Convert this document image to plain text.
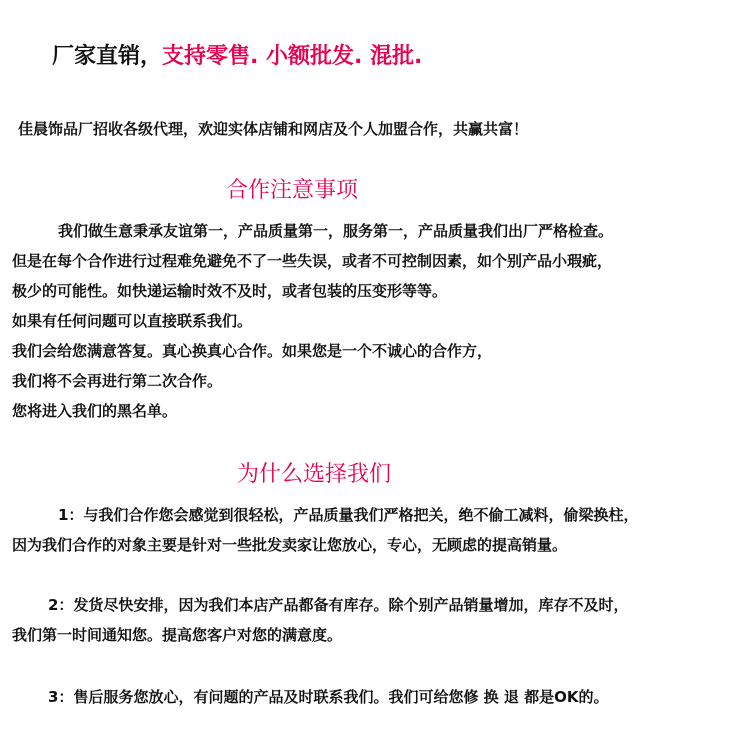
厂家直销，支持零售. 小额批发. 混批.
佳晨饰品厂招收各级代理，欢迎实体店铺和网店及个人加盟合作，共赢共富！
合作注意事项
我们做生意秉承友谊第一，产品质量第一，服务第一，产品质量我们出厂严格检查。
但是在每个合作进行过程难免避免不了一些失误，或者不可控制因素，如个别产品小瑕疵，
极少的可能性。如快递运输时效不及时，或者包装的压变形等等。
如果有任何问题可以直接联系我们。
我们会给您满意答复。真心换真心合作。如果您是一个不诚心的合作方，
我们将不会再进行第二次合作。
您将进入我们的黑名单。
为什么选择我们
1：与我们合作您会感觉到很轻松，产品质量我们严格把关，绝不偷工减料，偷梁换柱，
因为我们合作的对象主要是针对一些批发卖家让您放心，专心，无顾虑的提高销量。
2：发货尽快安排，因为我们本店产品都备有库存。除个别产品销量增加，库存不及时，
我们第一时间通知您。提高您客户对您的满意度。
3：售后服务您放心，有问题的产品及时联系我们。我们可给您修 换 退 都是OK的。
